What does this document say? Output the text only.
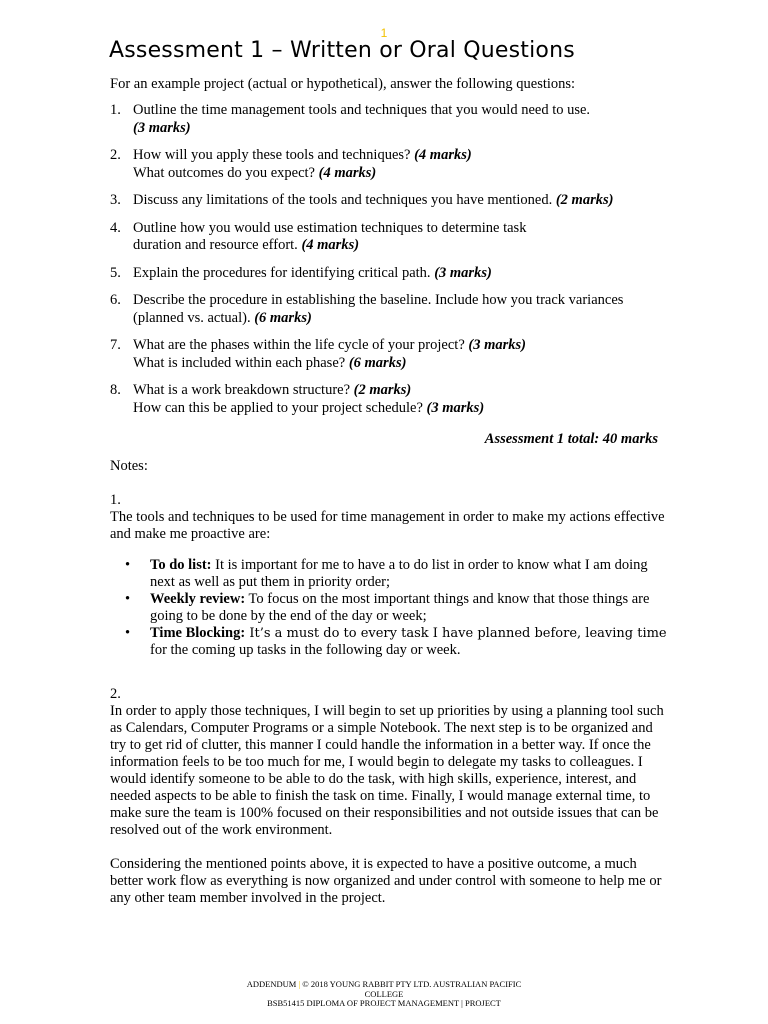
1
Assessment 1 – Written or Oral Questions

For an example project (actual or hypothetical), answer the following questions:

1. Outline the time management tools and techniques that you would need to use.
(3 marks)
2. How will you apply these tools and techniques? (4 marks)
What outcomes do you expect? (4 marks)
3. Discuss any limitations of the tools and techniques you have mentioned. (2 marks)
4. Outline how you would use estimation techniques to determine task
duration and resource effort. (4 marks)
5. Explain the procedures for identifying critical path. (3 marks)
6. Describe the procedure in establishing the baseline. Include how you track variances
(planned vs. actual). (6 marks)
7. What are the phases within the life cycle of your project? (3 marks)
What is included within each phase? (6 marks)
8. What is a work breakdown structure? (2 marks)
How can this be applied to your project schedule? (3 marks)
Assessment 1 total: 40 marks
Notes:

1.

The tools and techniques to be used for time management in order to make my actions effective and make me proactive are:

•	To do list: It is important for me to have a to do list in order to know what I am doing next as well as put them in priority order;
•	Weekly review: To focus on the most important things and know that those things are going to be done by the end of the day or week;
•	Time Blocking: It’s a must do to every task I have planned before, leaving time
for the coming up tasks in the following day or week.

2.

In order to apply those techniques, I will begin to set up priorities by using a planning tool such as Calendars, Computer Programs or a simple Notebook. The next step is to be organized and try to get rid of clutter, this manner I could handle the information in a better way. If once the information feels to be too much for me, I would begin to delegate my tasks to colleagues. I would identify someone to be able to do the task, with high skills, experience, interest, and needed aspects to be able to finish the task on time. Finally, I would manage external time, to make sure the team is 100% focused on their responsibilities and not outside issues that can be resolved out of the work environment.

Considering the mentioned points above, it is expected to have a positive outcome, a much better work flow as everything is now organized and under control with someone to help me or any other team member involved in the project.

ADDENDUM | © 2018 YOUNG RABBIT PTY LTD. AUSTRALIAN PACIFIC
COLLEGE
BSB51415 DIPLOMA OF PROJECT MANAGEMENT | PROJECT
